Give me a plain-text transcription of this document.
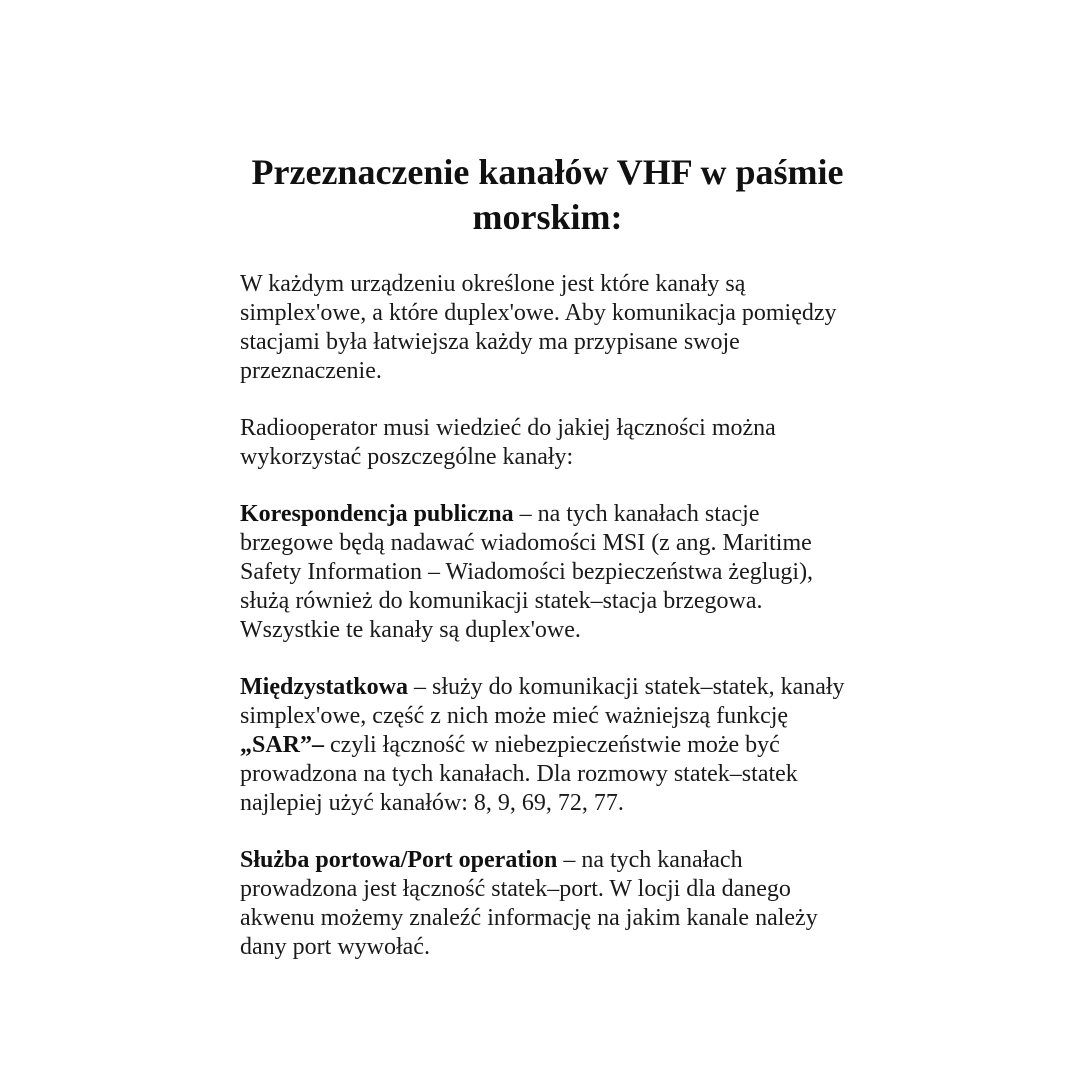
Przeznaczenie kanałów VHF w paśmie morskim:

W każdym urządzeniu określone jest które kanały są simplex'owe, a które duplex'owe. Aby komunikacja pomiędzy stacjami była łatwiejsza każdy ma przypisane swoje przeznaczenie.

Radiooperator musi wiedzieć do jakiej łączności można wykorzystać poszczególne kanały:

Korespondencja publiczna – na tych kanałach stacje brzegowe będą nadawać wiadomości MSI (z ang. Maritime Safety Information – Wiadomości bezpieczeństwa żeglugi), służą również do komunikacji statek–stacja brzegowa. Wszystkie te kanały są duplex'owe.

Międzystatkowa – służy do komunikacji statek–statek, kanały simplex'owe, część z nich może mieć ważniejszą funkcję „SAR”– czyli łączność w niebezpieczeństwie może być prowadzona na tych kanałach. Dla rozmowy statek–statek najlepiej użyć kanałów: 8, 9, 69, 72, 77.

Służba portowa/Port operation – na tych kanałach prowadzona jest łączność statek–port. W locji dla danego akwenu możemy znaleźć informację na jakim kanale należy dany port wywołać.
